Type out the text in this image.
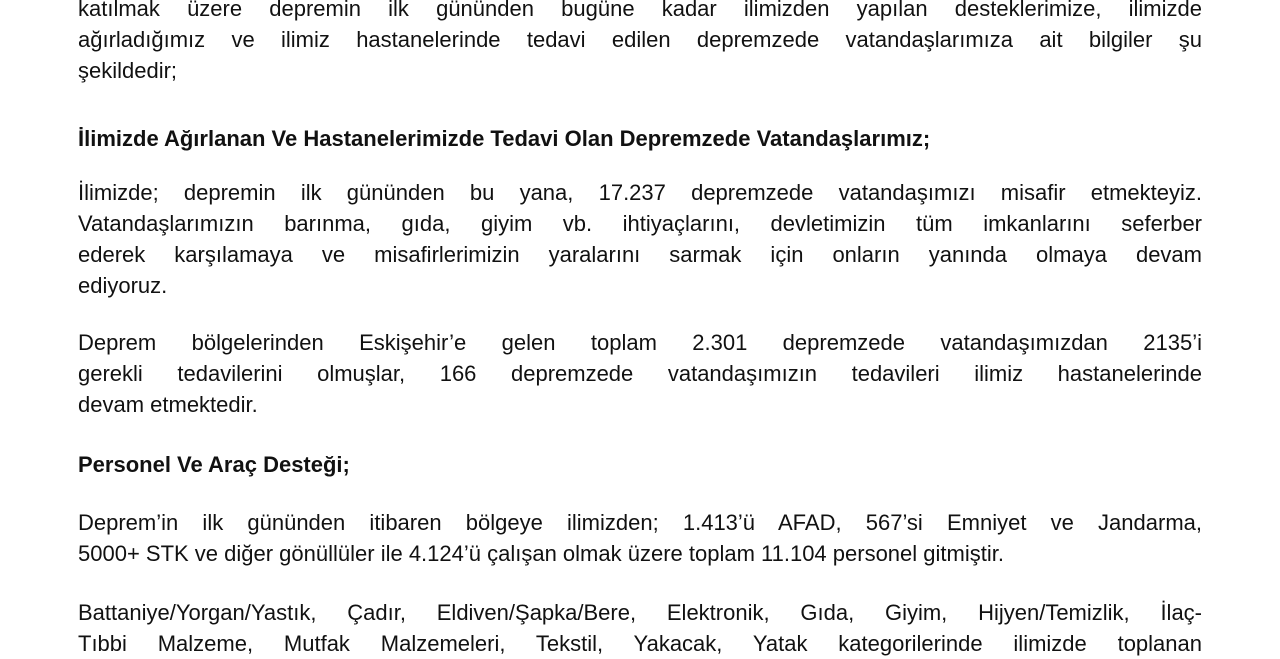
katılmak üzere depremin ilk gününden bugüne kadar ilimizden yapılan desteklerimize, ilimizde
ağırladığımız ve ilimiz hastanelerinde tedavi edilen depremzede vatandaşlarımıza ait bilgiler şu
şekildedir;

İlimizde Ağırlanan Ve Hastanelerimizde Tedavi Olan Depremzede Vatandaşlarımız;

İlimizde; depremin ilk gününden bu yana, 17.237 depremzede vatandaşımızı misafir etmekteyiz.
Vatandaşlarımızın barınma, gıda, giyim vb. ihtiyaçlarını, devletimizin tüm imkanlarını seferber
ederek karşılamaya ve misafirlerimizin yaralarını sarmak için onların yanında olmaya devam
ediyoruz.

Deprem bölgelerinden Eskişehir’e gelen toplam 2.301 depremzede vatandaşımızdan 2135’i
gerekli tedavilerini olmuşlar, 166 depremzede vatandaşımızın tedavileri ilimiz hastanelerinde
devam etmektedir.

Personel Ve Araç Desteği;

Deprem’in ilk gününden itibaren bölgeye ilimizden; 1.413’ü AFAD, 567’si Emniyet ve Jandarma,
5000+ STK ve diğer gönüllüler ile 4.124’ü çalışan olmak üzere toplam 11.104 personel gitmiştir.

Battaniye/Yorgan/Yastık, Çadır, Eldiven/Şapka/Bere, Elektronik, Gıda, Giyim, Hijyen/Temizlik, İlaç-
Tıbbi Malzeme, Mutfak Malzemeleri, Tekstil, Yakacak, Yatak kategorilerinde ilimizde toplanan
